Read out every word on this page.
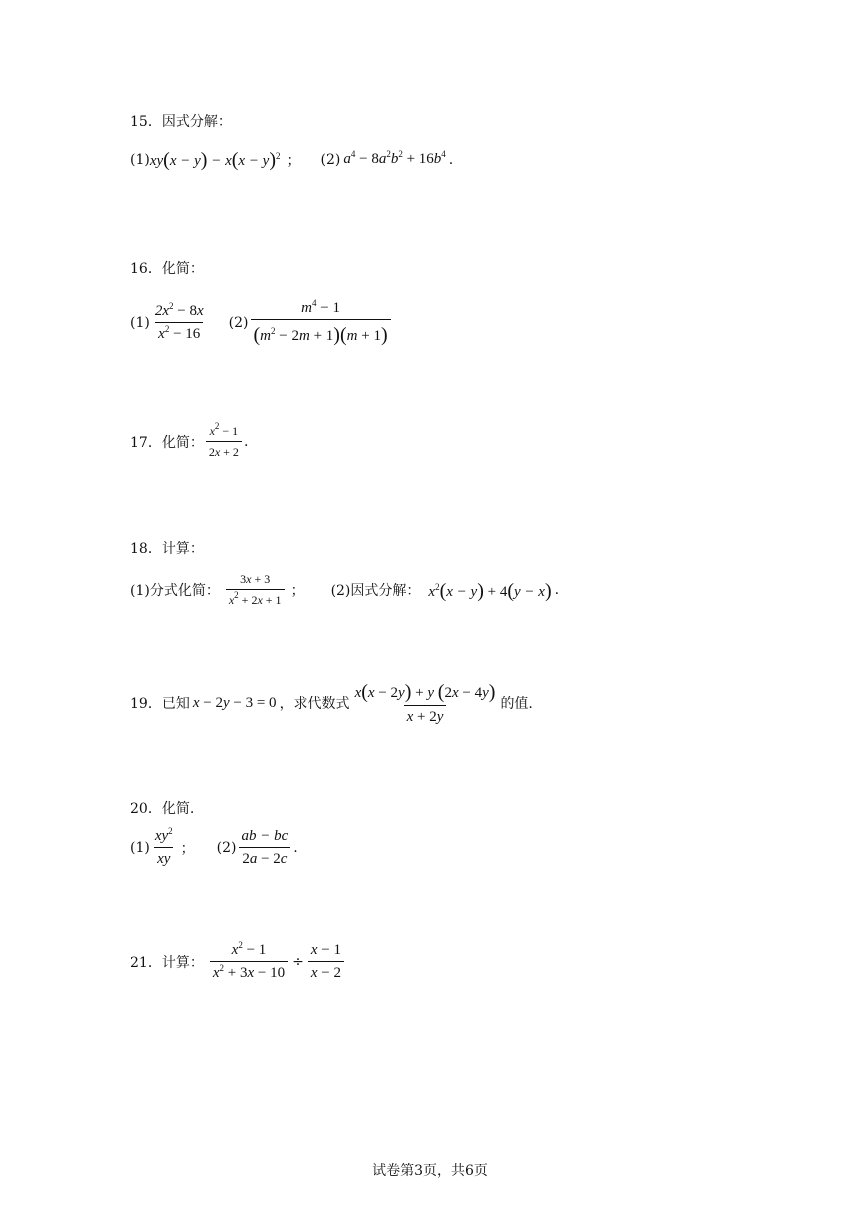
15．因式分解：
(1) $xy(x - y) - x(x - y)^2$ ； (2) $a^4 - 8a^2b^2 + 16b^4$ .
16．化简：
$(1) \frac{2x^2 - 8x}{x^2 - 16} (2) \frac{m^4 - 1}{(m^2 - 2m + 1)(m + 1)}$
17．化简： $\frac{x^2 - 1}{2x + 2}$ .
18．计算：
(1)分式化简： $\frac{3x + 3}{x^2 + 2x + 1}$ ； (2)因式分解： $x^2(x - y) + 4(y - x)$ .
19．已知 x − 2y − 3 = 0 ，求代数式 $\frac{x(x - 2y) + y (2x - 4y)}{x + 2y}$ 的值.
20．化简.
$(1) \frac{xy^2}{xy}$ ； $(2) \frac{ab - bc}{2a - 2c}$ .
21．计算： $\frac{x^2 - 1}{x^2 + 3x - 10} \div \frac{x - 1}{x - 2}$
试卷第3页，共6页
